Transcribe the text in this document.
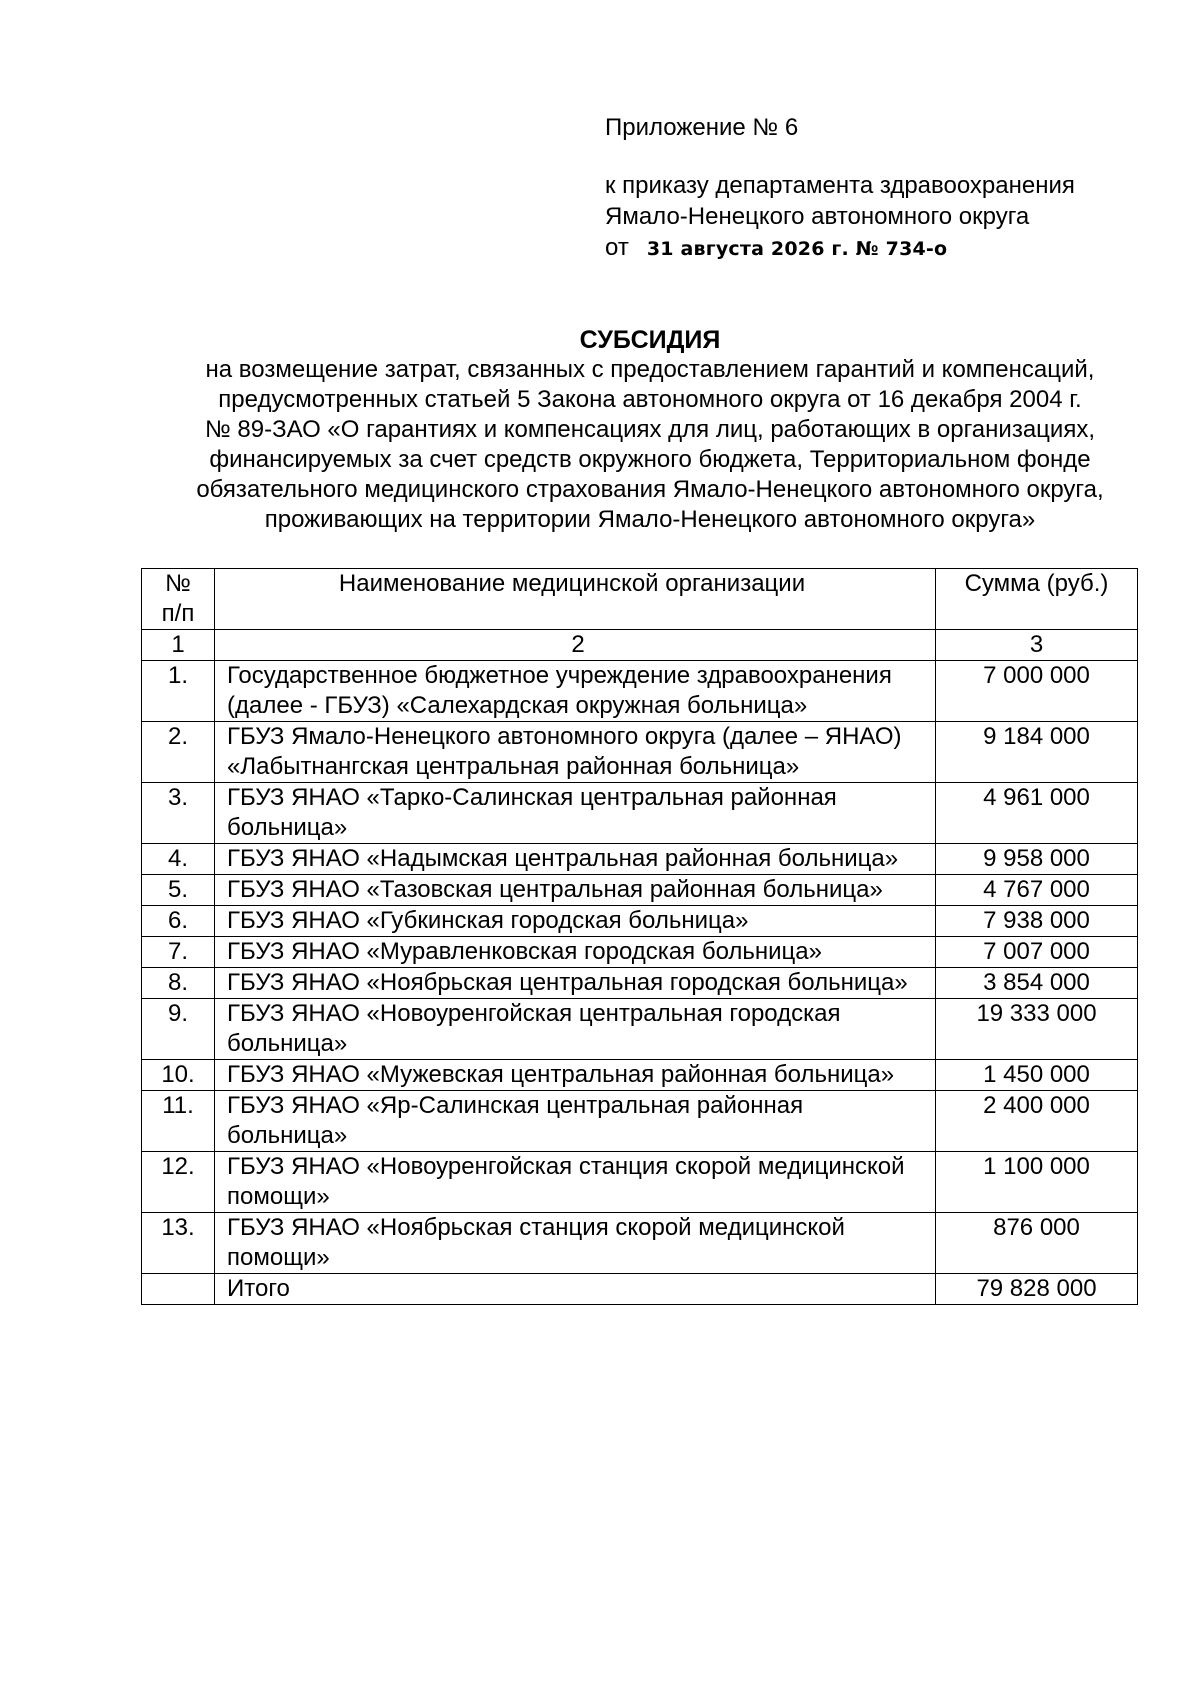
Приложение № 6
к приказу департамента здравоохранения
Ямало-Ненецкого автономного округа
от 31 августа 2026 г. № 734-о
СУБСИДИЯ
на возмещение затрат, связанных с предоставлением гарантий и компенсаций,
предусмотренных статьей 5 Закона автономного округа от 16 декабря 2004 г.
№ 89-ЗАО «О гарантиях и компенсациях для лиц, работающих в организациях,
финансируемых за счет средств окружного бюджета, Территориальном фонде
обязательного медицинского страхования Ямало-Ненецкого автономного округа,
проживающих на территории Ямало-Ненецкого автономного округа»
№
п/п	Наименование медицинской организации	Сумма (руб.)
1	2	3
1.	Государственное бюджетное учреждение здравоохранения (далее - ГБУЗ) «Салехардская окружная больница»	7 000 000
2.	ГБУЗ Ямало-Ненецкого автономного округа (далее – ЯНАО) «Лабытнангская центральная районная больница»	9 184 000
3.	ГБУЗ ЯНАО «Тарко-Салинская центральная районная больница»	4 961 000
4.	ГБУЗ ЯНАО «Надымская центральная районная больница»	9 958 000
5.	ГБУЗ ЯНАО «Тазовская центральная районная больница»	4 767 000
6.	ГБУЗ ЯНАО «Губкинская городская больница»	7 938 000
7.	ГБУЗ ЯНАО «Муравленковская городская больница»	7 007 000
8.	ГБУЗ ЯНАО «Ноябрьская центральная городская больница»	3 854 000
9.	ГБУЗ ЯНАО «Новоуренгойская центральная городская больница»	19 333 000
10.	ГБУЗ ЯНАО «Мужевская центральная районная больница»	1 450 000
11.	ГБУЗ ЯНАО «Яр-Салинская центральная районная больница»	2 400 000
12.	ГБУЗ ЯНАО «Новоуренгойская станция скорой медицинской помощи»	1 100 000
13.	ГБУЗ ЯНАО «Ноябрьская станция скорой медицинской помощи»	876 000
	Итого	79 828 000
